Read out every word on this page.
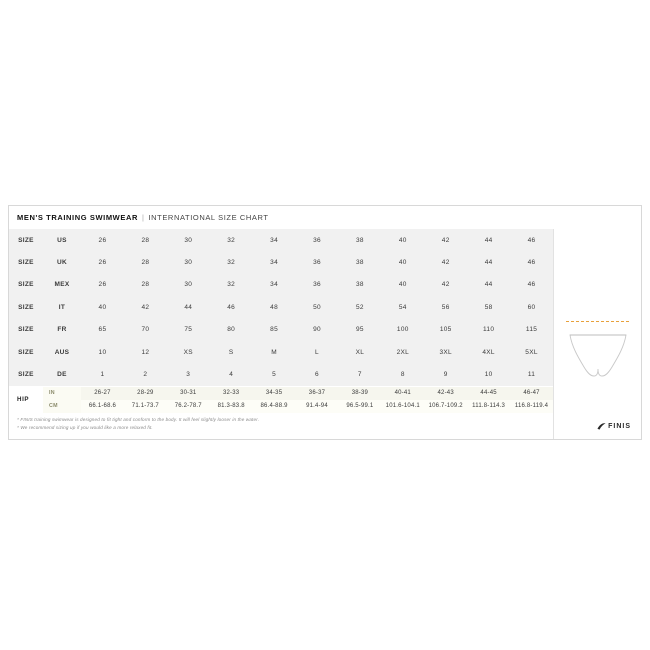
MEN'S TRAINING SWIMWEAR | INTERNATIONAL SIZE CHART
SIZE	US	26	28	30	32	34	36	38	40	42	44	46
SIZE	UK	26	28	30	32	34	36	38	40	42	44	46
SIZE	MEX	26	28	30	32	34	36	38	40	42	44	46
SIZE	IT	40	42	44	46	48	50	52	54	56	58	60
SIZE	FR	65	70	75	80	85	90	95	100	105	110	115
SIZE	AUS	10	12	XS	S	M	L	XL	2XL	3XL	4XL	5XL
SIZE	DE	1	2	3	4	5	6	7	8	9	10	11
HIP
IN	26-27	28-29	30-31	32-33	34-35	36-37	38-39	40-41	42-43	44-45	46-47
CM	66.1-68.6	71.1-73.7	76.2-78.7	81.3-83.8	86.4-88.9	91.4-94	96.5-99.1	101.6-104.1	106.7-109.2	111.8-114.3	116.8-119.4
* FINIS training swimwear is designed to fit tight and conform to the body. It will feel slightly looser in the water.
* We recommend sizing up if you would like a more relaxed fit.	FINIS
